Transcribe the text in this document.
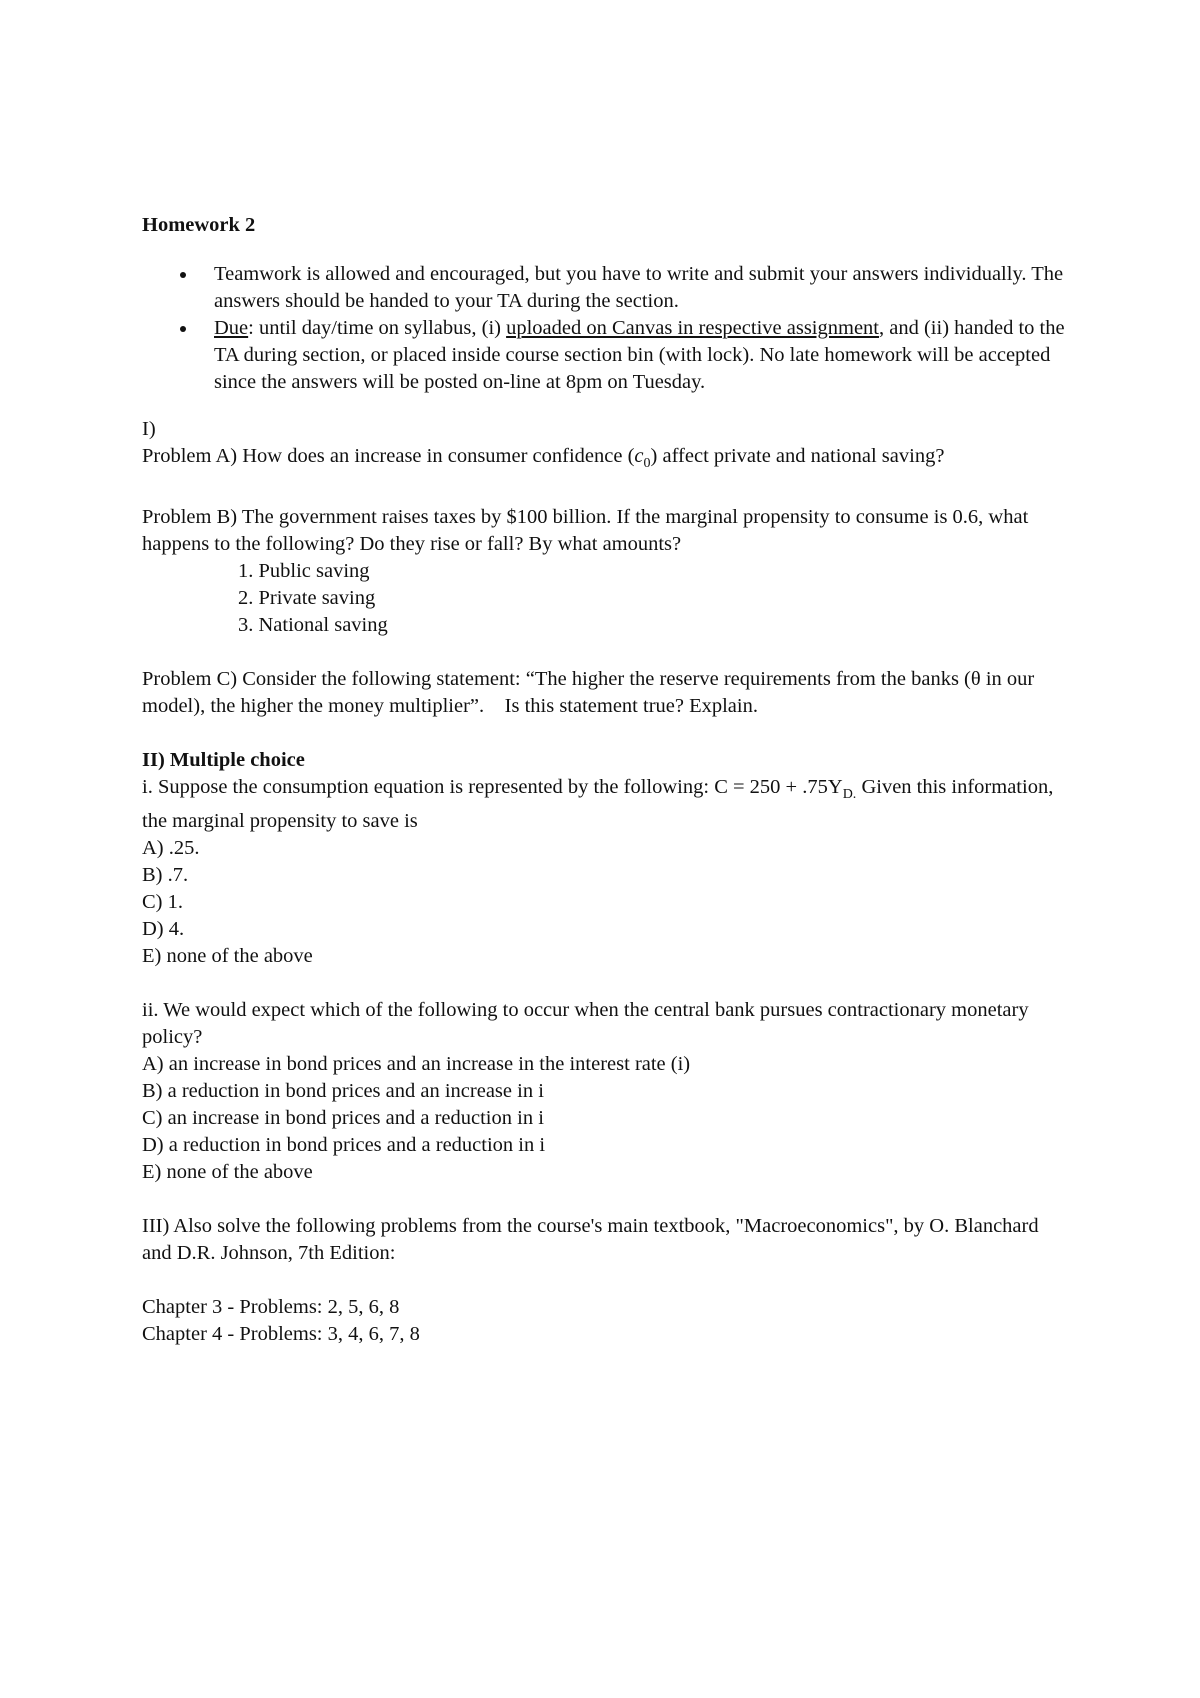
Homework 2

Teamwork is allowed and encouraged, but you have to write and submit your answers individually. The answers should be handed to your TA during the section.
Due: until day/time on syllabus, (i) uploaded on Canvas in respective assignment, and (ii) handed to the TA during section, or placed inside course section bin (with lock). No late homework will be accepted since the answers will be posted on-line at 8pm on Tuesday.

I)

Problem A) How does an increase in consumer confidence $(c_0)$ affect private and national saving?

Problem B) The government raises taxes by $100 billion. If the marginal propensity to consume is 0.6, what happens to the following? Do they rise or fall? By what amounts?

1. Public saving

2. Private saving

3. National saving

Problem C) Consider the following statement: “The higher the reserve requirements from the banks (θ in our model), the higher the money multiplier”.    Is this statement true? Explain.

II) Multiple choice

i. Suppose the consumption equation is represented by the following: $C = 250 + .75Y_{D.}$ Given this information, the marginal propensity to save is

A) .25.

B) .7.

C) 1.

D) 4.

E) none of the above

ii. We would expect which of the following to occur when the central bank pursues contractionary monetary policy?

A) an increase in bond prices and an increase in the interest rate (i)

B) a reduction in bond prices and an increase in i

C) an increase in bond prices and a reduction in i

D) a reduction in bond prices and a reduction in i

E) none of the above

III) Also solve the following problems from the course's main textbook, "Macroeconomics", by O. Blanchard and D.R. Johnson, 7th Edition:

Chapter 3 - Problems: 2, 5, 6, 8

Chapter 4 - Problems: 3, 4, 6, 7, 8
